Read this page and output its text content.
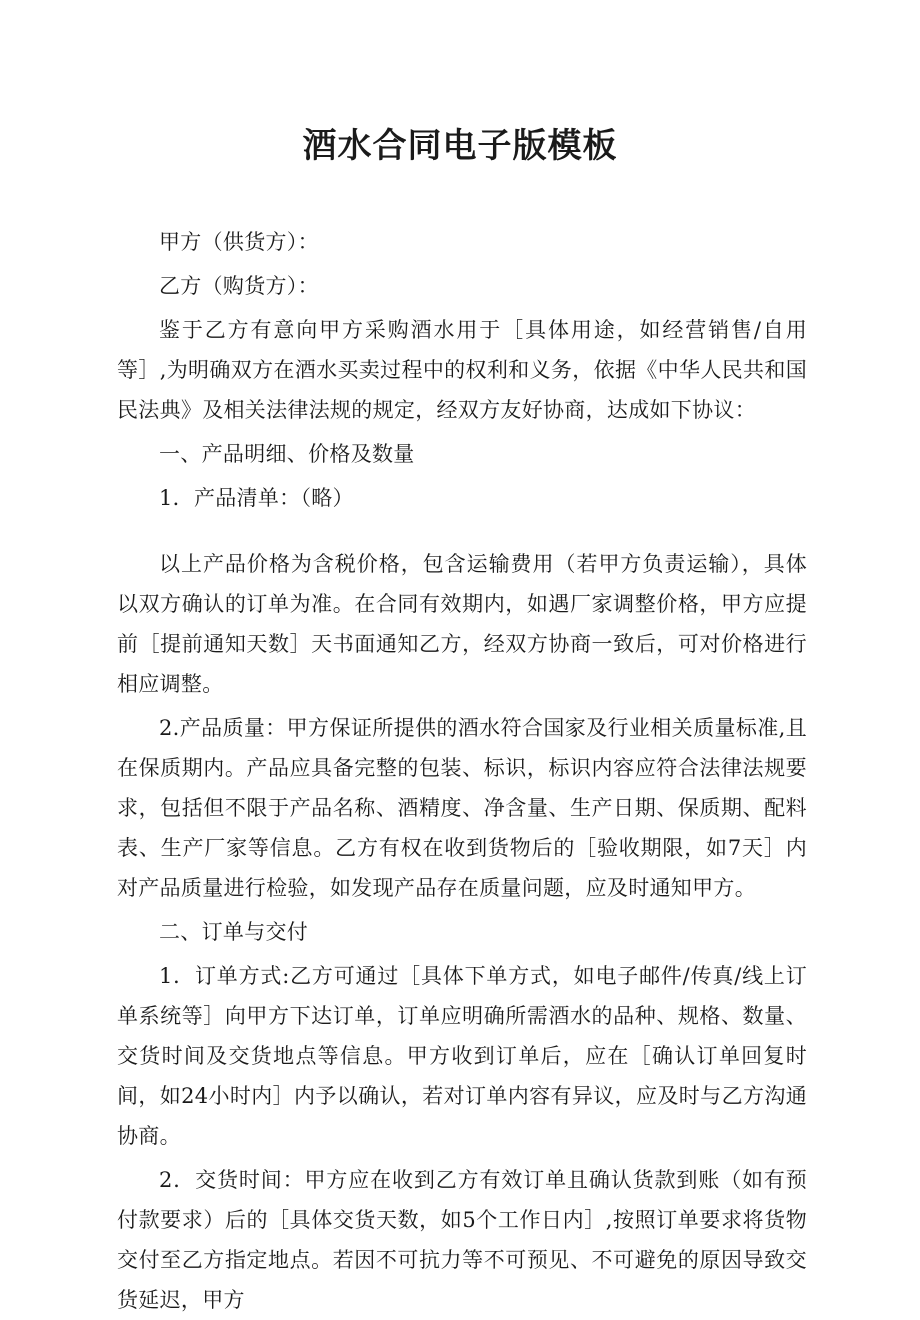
酒水合同电子版模板

甲方（供货方）：

乙方（购货方）：

鉴于乙方有意向甲方采购酒水用于［具体用途，如经营销售/自用等］,为明确双方在酒水买卖过程中的权利和义务，依据《中华人民共和国民法典》及相关法律法规的规定，经双方友好协商，达成如下协议：

一、产品明细、价格及数量

1．产品清单：（略）

以上产品价格为含税价格，包含运输费用（若甲方负责运输），具体以双方确认的订单为准。在合同有效期内，如遇厂家调整价格，甲方应提前［提前通知天数］天书面通知乙方，经双方协商一致后，可对价格进行相应调整。

2.产品质量：甲方保证所提供的酒水符合国家及行业相关质量标准,且在保质期内。产品应具备完整的包装、标识，标识内容应符合法律法规要求，包括但不限于产品名称、酒精度、净含量、生产日期、保质期、配料表、生产厂家等信息。乙方有权在收到货物后的［验收期限，如7天］内对产品质量进行检验，如发现产品存在质量问题，应及时通知甲方。

二、订单与交付

1．订单方式:乙方可通过［具体下单方式，如电子邮件/传真/线上订单系统等］向甲方下达订单，订单应明确所需酒水的品种、规格、数量、交货时间及交货地点等信息。甲方收到订单后，应在［确认订单回复时间，如24小时内］内予以确认，若对订单内容有异议，应及时与乙方沟通协商。

2．交货时间：甲方应在收到乙方有效订单且确认货款到账（如有预付款要求）后的［具体交货天数，如5个工作日内］,按照订单要求将货物交付至乙方指定地点。若因不可抗力等不可预见、不可避免的原因导致交货延迟，甲方
